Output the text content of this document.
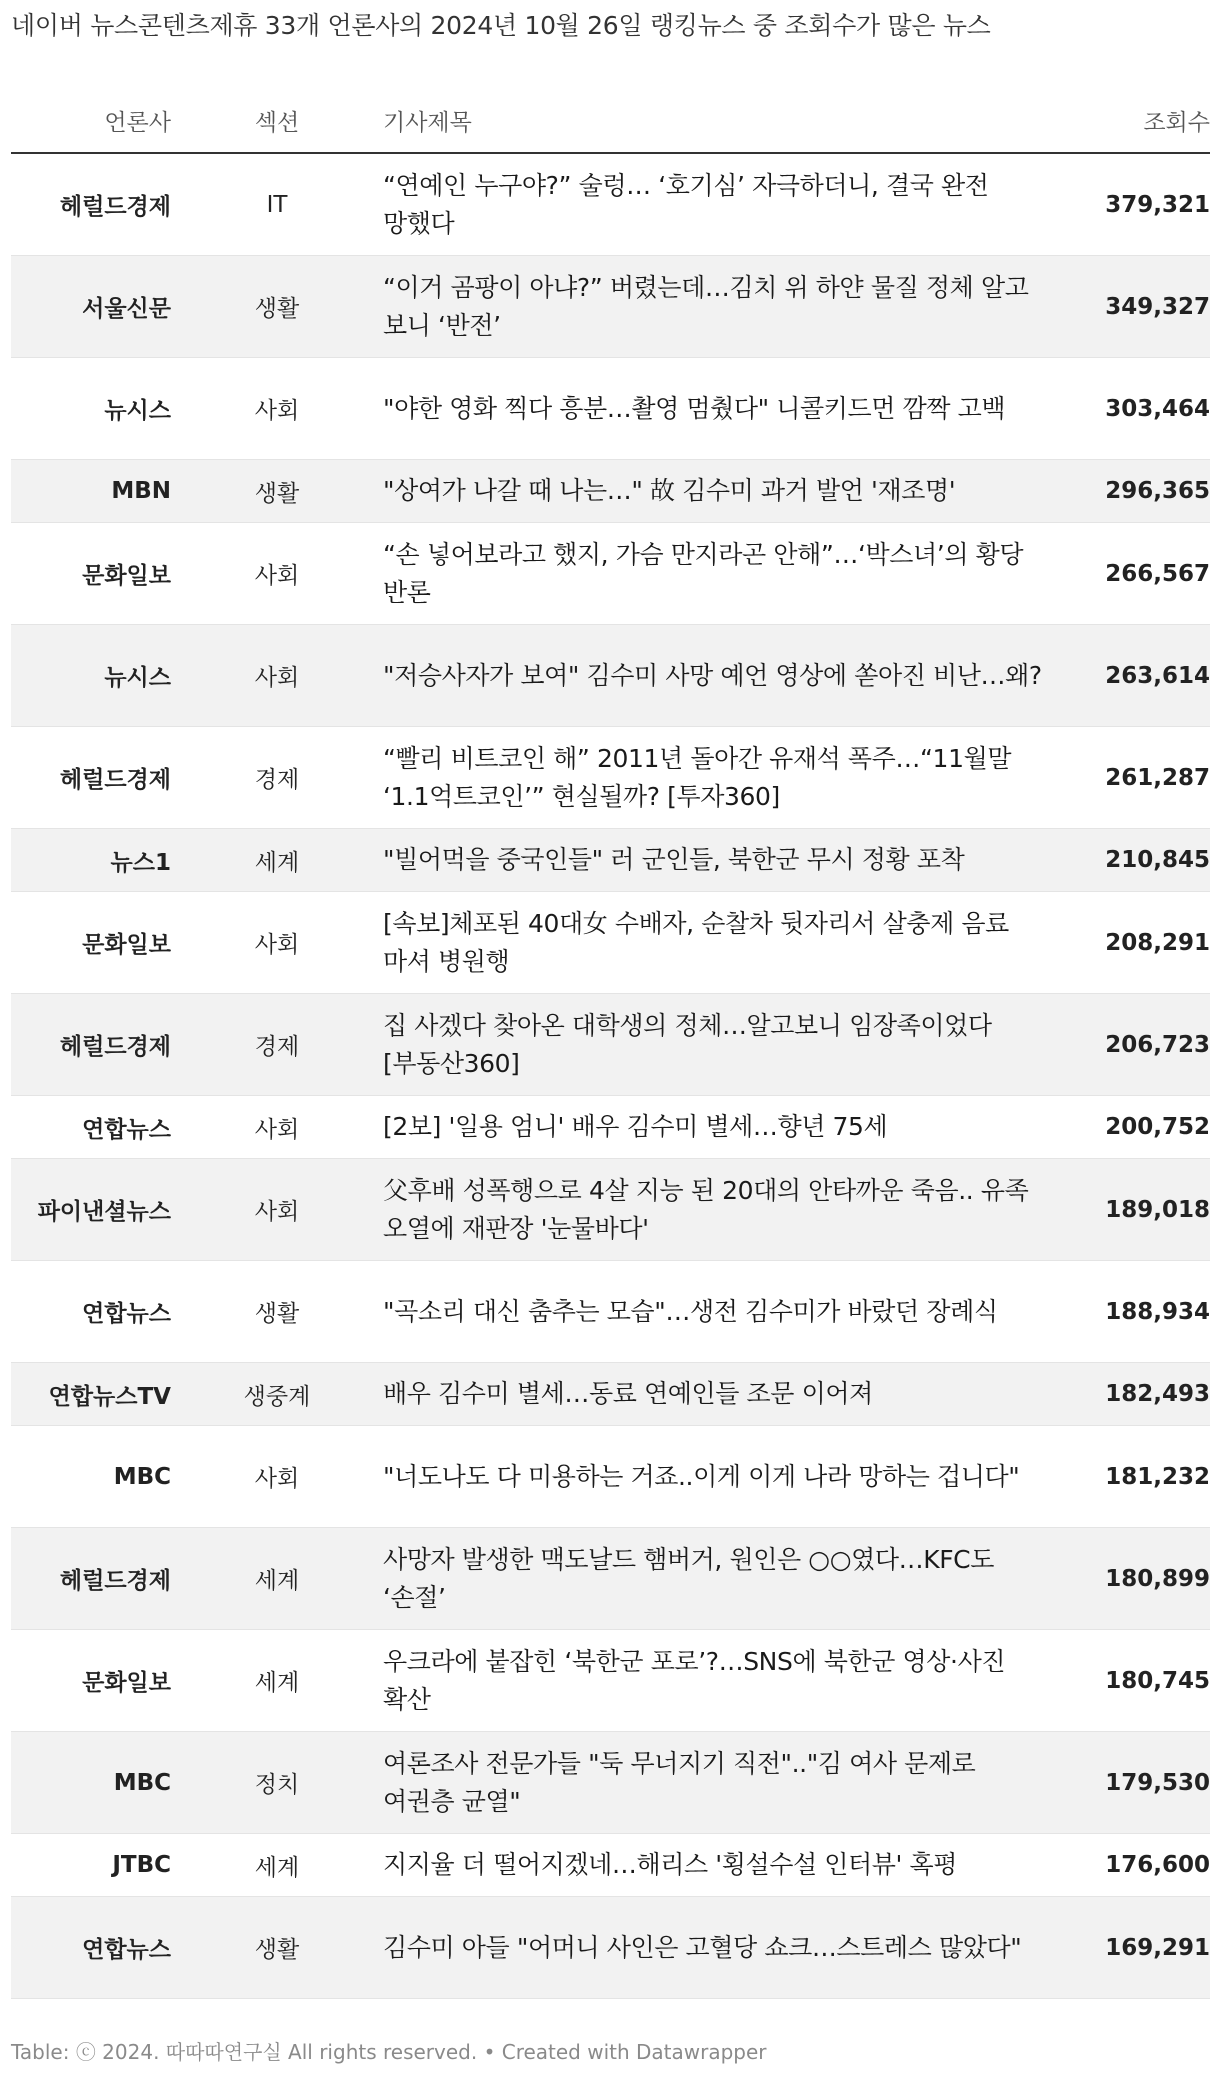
네이버 뉴스콘텐츠제휴 33개 언론사의 2024년 10월 26일 랭킹뉴스 중 조회수가 많은 뉴스
언론사	섹션	기사제목	조회수
헤럴드경제	IT	“연예인 누구야?” 술렁… ‘호기심’ 자극하더니, 결국 완전 망했다	379,321
서울신문	생활	“이거 곰팡이 아냐?” 버렸는데…김치 위 하얀 물질 정체 알고 보니 ‘반전’	349,327
뉴시스	사회	"야한 영화 찍다 흥분…촬영 멈췄다" 니콜키드먼 깜짝 고백	303,464
MBN	생활	"상여가 나갈 때 나는…" 故 김수미 과거 발언 '재조명'	296,365
문화일보	사회	“손 넣어보라고 했지, 가슴 만지라곤 안해”…‘박스녀’의 황당 반론	266,567
뉴시스	사회	"저승사자가 보여" 김수미 사망 예언 영상에 쏟아진 비난…왜?	263,614
헤럴드경제	경제	“빨리 비트코인 해” 2011년 돌아간 유재석 폭주…“11월말 ‘1.1억트코인’” 현실될까? [투자360]	261,287
뉴스1	세계	"빌어먹을 중국인들" 러 군인들, 북한군 무시 정황 포착	210,845
문화일보	사회	[속보]체포된 40대女 수배자, 순찰차 뒷자리서 살충제 음료 마셔 병원행	208,291
헤럴드경제	경제	집 사겠다 찾아온 대학생의 정체…알고보니 임장족이었다 [부동산360]	206,723
연합뉴스	사회	[2보] '일용 엄니' 배우 김수미 별세…향년 75세	200,752
파이낸셜뉴스	사회	父후배 성폭행으로 4살 지능 된 20대의 안타까운 죽음.. 유족 오열에 재판장 '눈물바다'	189,018
연합뉴스	생활	"곡소리 대신 춤추는 모습"…생전 김수미가 바랐던 장례식	188,934
연합뉴스TV	생중계	배우 김수미 별세…동료 연예인들 조문 이어져	182,493
MBC	사회	"너도나도 다 미용하는 거죠..이게 이게 나라 망하는 겁니다"	181,232
헤럴드경제	세계	사망자 발생한 맥도날드 햄버거, 원인은 ○○였다…KFC도 ‘손절’	180,899
문화일보	세계	우크라에 붙잡힌 ‘북한군 포로’?…SNS에 북한군 영상·사진 확산	180,745
MBC	정치	여론조사 전문가들 "둑 무너지기 직전".."김 여사 문제로 여권층 균열"	179,530
JTBC	세계	지지율 더 떨어지겠네…해리스 '횡설수설 인터뷰' 혹평	176,600
연합뉴스	생활	김수미 아들 "어머니 사인은 고혈당 쇼크…스트레스 많았다"	169,291
Table: ⓒ 2024. 따따따연구실 All rights reserved. • Created with Datawrapper
